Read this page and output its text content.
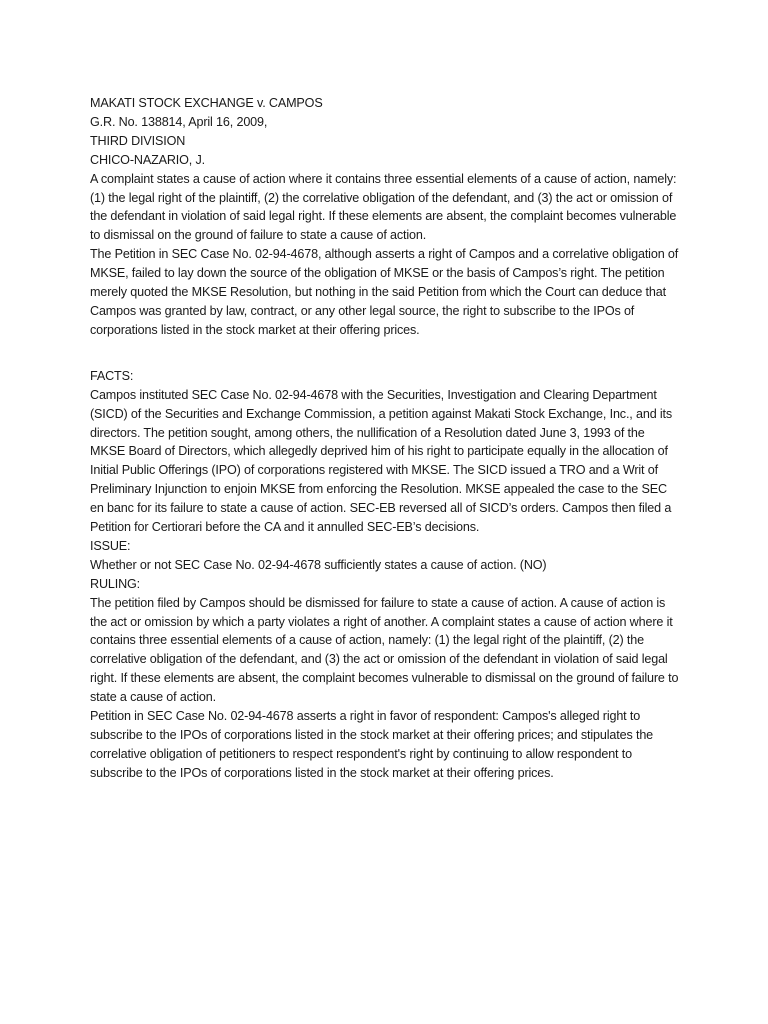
MAKATI STOCK EXCHANGE v. CAMPOS

G.R. No. 138814, April 16, 2009,

THIRD DIVISION

CHICO-NAZARIO, J.

A complaint states a cause of action where it contains three essential elements of a cause of action, namely: (1) the legal right of the plaintiff, (2) the correlative obligation of the defendant, and (3) the act or omission of the defendant in violation of said legal right. If these elements are absent, the complaint becomes vulnerable to dismissal on the ground of failure to state a cause of action.

The Petition in SEC Case No. 02-94-4678, although asserts a right of Campos and a correlative obligation of MKSE, failed to lay down the source of the obligation of MKSE or the basis of Campos’s right. The petition merely quoted the MKSE Resolution, but nothing in the said Petition from which the Court can deduce that Campos was granted by law, contract, or any other legal source, the right to subscribe to the IPOs of corporations listed in the stock market at their offering prices.

FACTS:

Campos instituted SEC Case No. 02-94-4678 with the Securities, Investigation and Clearing Department (SICD) of the Securities and Exchange Commission, a petition against Makati Stock Exchange, Inc., and its directors. The petition sought, among others, the nullification of a Resolution dated June 3, 1993 of the MKSE Board of Directors, which allegedly deprived him of his right to participate equally in the allocation of Initial Public Offerings (IPO) of corporations registered with MKSE. The SICD issued a TRO and a Writ of Preliminary Injunction to enjoin MKSE from enforcing the Resolution. MKSE appealed the case to the SEC en banc for its failure to state a cause of action. SEC-EB reversed all of SICD’s orders. Campos then filed a Petition for Certiorari before the CA and it annulled SEC-EB’s decisions.

ISSUE:

Whether or not SEC Case No. 02-94-4678 sufficiently states a cause of action. (NO)

RULING:

The petition filed by Campos should be dismissed for failure to state a cause of action. A cause of action is the act or omission by which a party violates a right of another. A complaint states a cause of action where it contains three essential elements of a cause of action, namely: (1) the legal right of the plaintiff, (2) the correlative obligation of the defendant, and (3) the act or omission of the defendant in violation of said legal right. If these elements are absent, the complaint becomes vulnerable to dismissal on the ground of failure to state a cause of action.

Petition in SEC Case No. 02-94-4678 asserts a right in favor of respondent: Campos's alleged right to subscribe to the IPOs of corporations listed in the stock market at their offering prices; and stipulates the correlative obligation of petitioners to respect respondent's right by continuing to allow respondent to subscribe to the IPOs of corporations listed in the stock market at their offering prices.
